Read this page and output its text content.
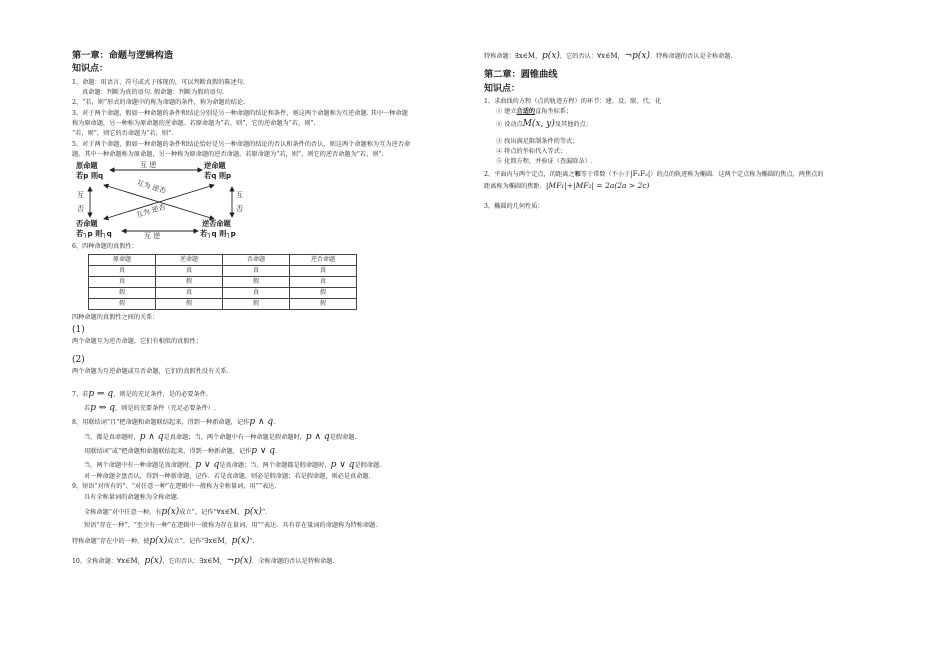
第一章：命题与逻辑构造
知识点：
1、命题：用语言、符号或式子体现的，可以判断真假的陈述句.
真命题：判断为真的语句. 假命题：判断为假的语句.
2、“若，则”形式的命题中的称为命题的条件，称为命题的结论.
3、对于两个命题，假如一种命题的条件和结论分别是另一种命题的结论和条件，则这两个命题称为互逆命题. 其中一种命题
称为原命题，另一种称为原命题的逆命题。若原命题为“若，则”，它的逆命题为“若，则”.
“若，则”，则它的否命题为“若，则”.
5、对于两个命题，假如一种命题的条件和结论恰好是另一种命题的结论的否认和条件的否认，则这两个命题称为互为逆否命
题。其中一种命题称为原命题，另一种称为原命题的逆否命题。若原命题为“若，则”，则它的逆否命题为“若，则”.
原命题
若p 则q
逆命题
若q 则p
否命题
若┐p 则┐q
逆否命题
若┐q 则┐p
互 逆
互 逆
互
否
互
否
互为 逆否
互为 逆否
6、四种命题的真假性：
原命题	逆命题	否命题	逆否命题
真	真	真	真
真	假	假	真
假	真	真	假
假	假	假	假
四种命题的真假性之间的关系：
(1)
两个命题互为逆否命题，它们有相似的真假性；
(2)
两个命题为互逆命题或互否命题，它们的真假性没有关系.
7、若p ⇒ q，则是的充足条件，是的必要条件.
若p ⇔ q，则是的充要条件（充足必要条件）.
8、用联结词“且”把命题和命题联结起来，得到一种新命题，记作p ∧ q.
当、都是真命题时，p ∧ q是真命题；当、两个命题中有一种命题是假命题时，p ∧ q是假命题.
用联结词“或”把命题和命题联结起来，得到一种新命题，记作p ∨ q.
当、两个命题中有一种命题是真命题时，p ∨ q是真命题；当、两个命题都是假命题时，p ∨ q是假命题.
对一种命题全盘否认，得到一种新命题，记作．若是真命题，则必是假命题；若是假命题，则必是真命题.
9、短语“对所有的”、“对任意一种”在逻辑中一般称为全称量词，用“”表达.
具有全称量词的命题称为全称命题.
全称命题“对中任意一种，有p(x)成立”，记作“∀x∈M，p(x)”.
短语“存在一种”、“至少有一种”在逻辑中一般称为存在量词，用“”表达．具有存在量词的命题称为特称命题.
特称命题“存在中的一种，使p(x)成立”，记作“∃x∈M，p(x)”.
10、全称命题：∀x∈M，p(x)，它的否认：∃x∈M，¬p(x)．全称命题的否认是特称命题.
特称命题：∃x∈M，p(x)，它的否认：∀x∈M，¬p(x)．特称命题的否认是全称命题.
第二章：圆锥曲线
知识点：
1、求曲线的方程（点的轨迹方程）的环节：建、设、限、代、化
① 建立合适的直角坐标系；
② 设动点M(x, y)及其他的点；
③ 找出满足限制条件的等式；
④ 将点的坐标代入等式；
⑤ 化简方程，并验证（查漏除杂）.
2、平面内与两个定点，的距离之和等于常数（不小于|F₁F₂|）的点的轨迹称为椭圆．这两个定点称为椭圆的焦点，两焦点的
距离称为椭圆的焦距．|MF₁|+|MF₂| = 2a(2a > 2c)
3、椭圆的几何性质：
